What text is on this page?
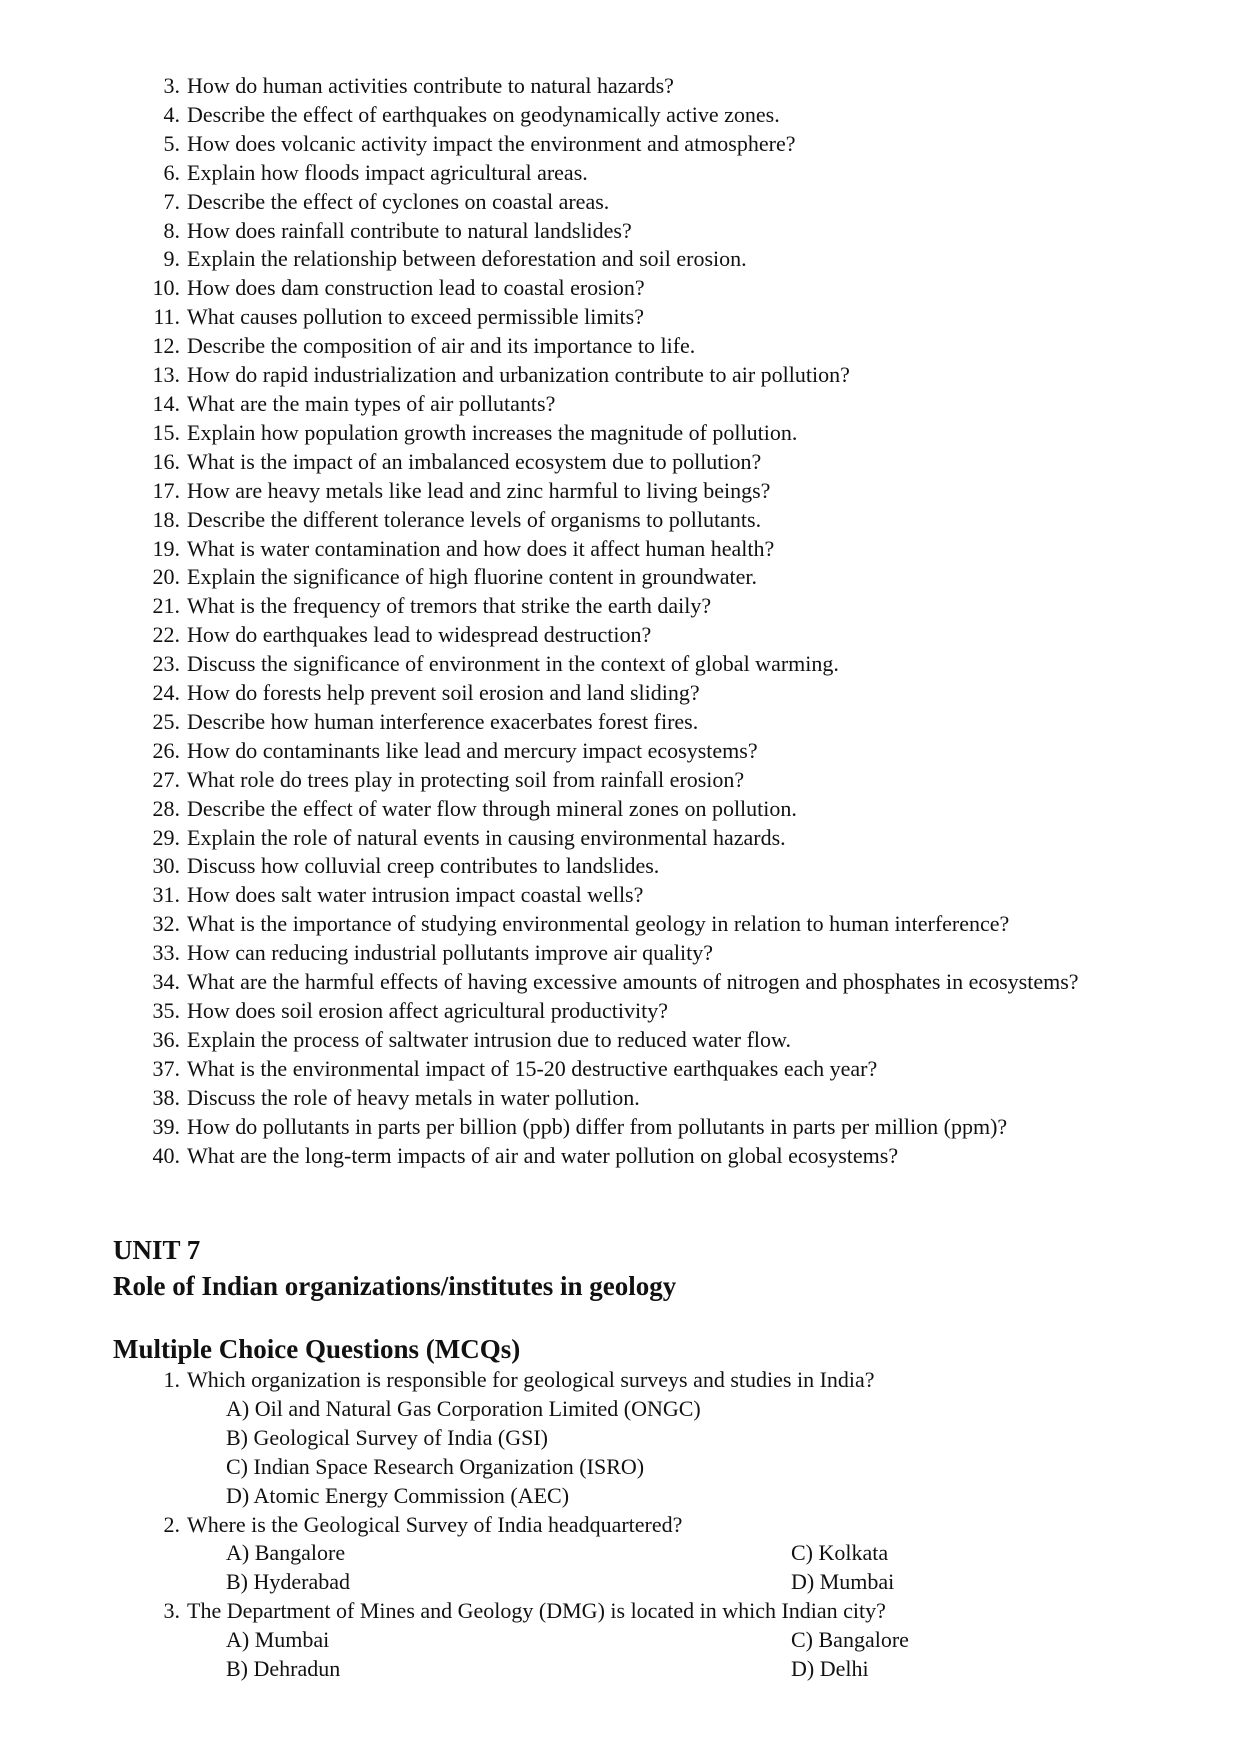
3. How do human activities contribute to natural hazards?
4. Describe the effect of earthquakes on geodynamically active zones.
5. How does volcanic activity impact the environment and atmosphere?
6. Explain how floods impact agricultural areas.
7. Describe the effect of cyclones on coastal areas.
8. How does rainfall contribute to natural landslides?
9. Explain the relationship between deforestation and soil erosion.
10. How does dam construction lead to coastal erosion?
11. What causes pollution to exceed permissible limits?
12. Describe the composition of air and its importance to life.
13. How do rapid industrialization and urbanization contribute to air pollution?
14. What are the main types of air pollutants?
15. Explain how population growth increases the magnitude of pollution.
16. What is the impact of an imbalanced ecosystem due to pollution?
17. How are heavy metals like lead and zinc harmful to living beings?
18. Describe the different tolerance levels of organisms to pollutants.
19. What is water contamination and how does it affect human health?
20. Explain the significance of high fluorine content in groundwater.
21. What is the frequency of tremors that strike the earth daily?
22. How do earthquakes lead to widespread destruction?
23. Discuss the significance of environment in the context of global warming.
24. How do forests help prevent soil erosion and land sliding?
25. Describe how human interference exacerbates forest fires.
26. How do contaminants like lead and mercury impact ecosystems?
27. What role do trees play in protecting soil from rainfall erosion?
28. Describe the effect of water flow through mineral zones on pollution.
29. Explain the role of natural events in causing environmental hazards.
30. Discuss how colluvial creep contributes to landslides.
31. How does salt water intrusion impact coastal wells?
32. What is the importance of studying environmental geology in relation to human interference?
33. How can reducing industrial pollutants improve air quality?
34. What are the harmful effects of having excessive amounts of nitrogen and phosphates in ecosystems?
35. How does soil erosion affect agricultural productivity?
36. Explain the process of saltwater intrusion due to reduced water flow.
37. What is the environmental impact of 15-20 destructive earthquakes each year?
38. Discuss the role of heavy metals in water pollution.
39. How do pollutants in parts per billion (ppb) differ from pollutants in parts per million (ppm)?
40. What are the long-term impacts of air and water pollution on global ecosystems?
UNIT 7
Role of Indian organizations/institutes in geology
Multiple Choice Questions (MCQs)
1. Which organization is responsible for geological surveys and studies in India?
A) Oil and Natural Gas Corporation Limited (ONGC)
B) Geological Survey of India (GSI)
C) Indian Space Research Organization (ISRO)
D) Atomic Energy Commission (AEC)
2. Where is the Geological Survey of India headquartered?
A) Bangalore	C) Kolkata
B) Hyderabad	D) Mumbai
3. The Department of Mines and Geology (DMG) is located in which Indian city?
A) Mumbai	C) Bangalore
B) Dehradun	D) Delhi
